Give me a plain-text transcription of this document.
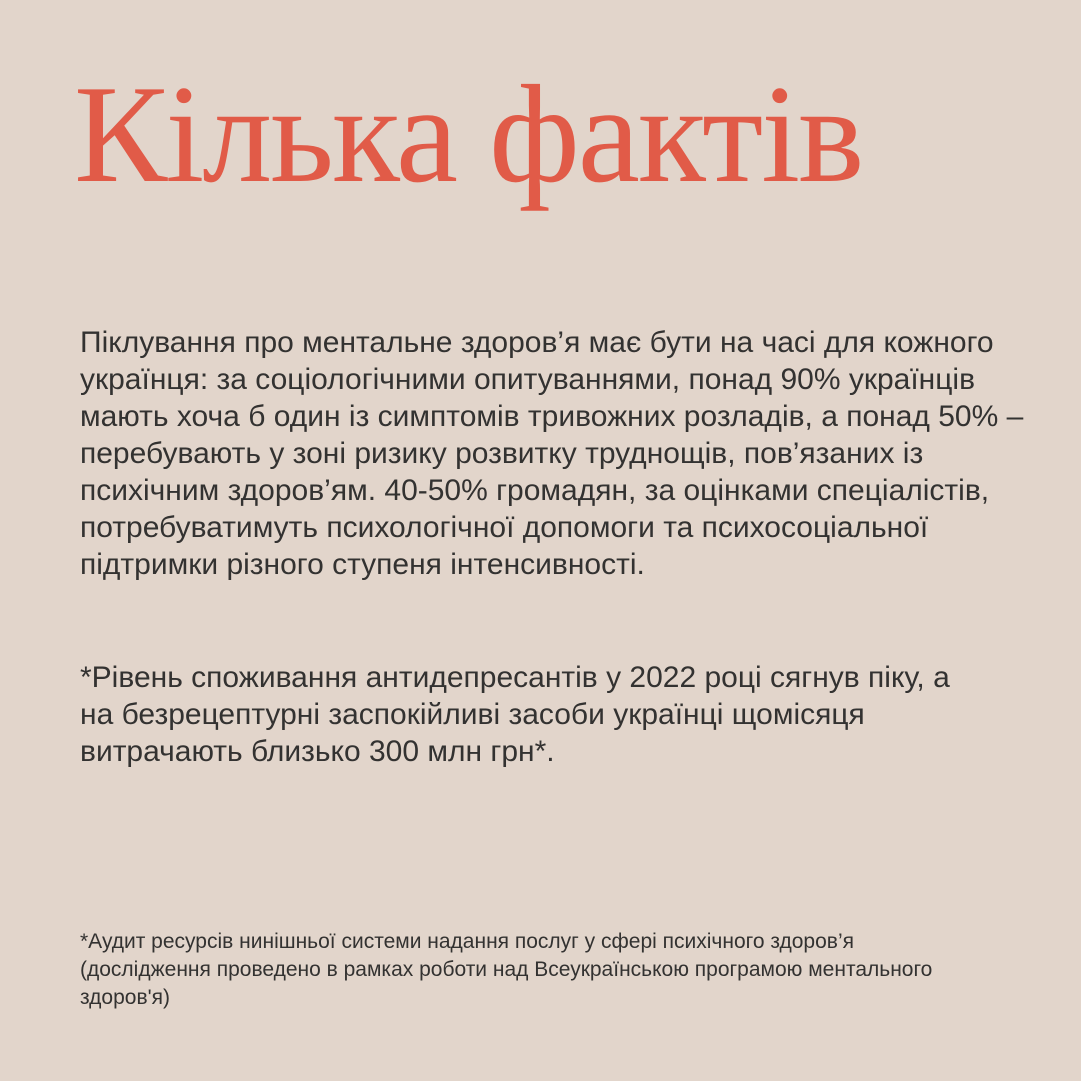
Кілька фактів

Піклування про ментальне здоров’я має бути на часі для кожного українця: за соціологічними опитуваннями, понад 90% українців мають хоча б один із симптомів тривожних розладів, а понад 50% – перебувають у зоні ризику розвитку труднощів, пов’язаних із психічним здоров’ям. 40-50% громадян, за оцінками спеціалістів, потребуватимуть психологічної допомоги та психосоціальної підтримки різного ступеня інтенсивності.

*Рівень споживання антидепресантів у 2022 році сягнув піку, а на безрецептурні заспокійливі засоби українці щомісяця витрачають близько 300 млн грн*.

*Аудит ресурсів нинішньої системи надання послуг у сфері психічного здоров’я (дослідження проведено в рамках роботи над Всеукраїнською програмою ментального здоров'я)
